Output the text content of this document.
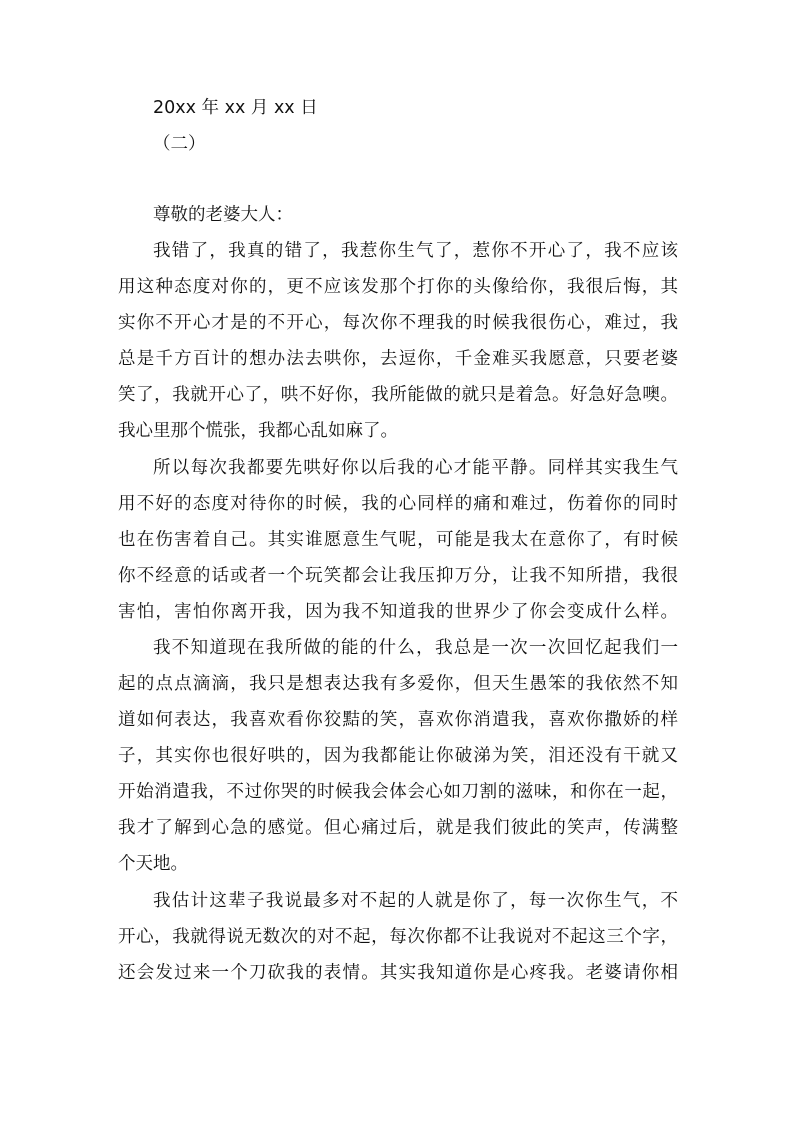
20xx 年 xx 月 xx 日
（二）
尊敬的老婆大人：
我错了，我真的错了，我惹你生气了，惹你不开心了，我不应该
用这种态度对你的，更不应该发那个打你的头像给你，我很后悔，其
实你不开心才是的不开心，每次你不理我的时候我很伤心，难过，我
总是千方百计的想办法去哄你，去逗你，千金难买我愿意，只要老婆
笑了，我就开心了，哄不好你，我所能做的就只是着急。好急好急噢。
我心里那个慌张，我都心乱如麻了。
所以每次我都要先哄好你以后我的心才能平静。同样其实我生气
用不好的态度对待你的时候，我的心同样的痛和难过，伤着你的同时
也在伤害着自己。其实谁愿意生气呢，可能是我太在意你了，有时候
你不经意的话或者一个玩笑都会让我压抑万分，让我不知所措，我很
害怕，害怕你离开我，因为我不知道我的世界少了你会变成什么样。
我不知道现在我所做的能的什么，我总是一次一次回忆起我们一
起的点点滴滴，我只是想表达我有多爱你，但天生愚笨的我依然不知
道如何表达，我喜欢看你狡黠的笑，喜欢你消遣我，喜欢你撒娇的样
子，其实你也很好哄的，因为我都能让你破涕为笑，泪还没有干就又
开始消遣我，不过你哭的时候我会体会心如刀割的滋味，和你在一起，
我才了解到心急的感觉。但心痛过后，就是我们彼此的笑声，传满整
个天地。
我估计这辈子我说最多对不起的人就是你了，每一次你生气，不
开心，我就得说无数次的对不起，每次你都不让我说对不起这三个字，
还会发过来一个刀砍我的表情。其实我知道你是心疼我。老婆请你相
